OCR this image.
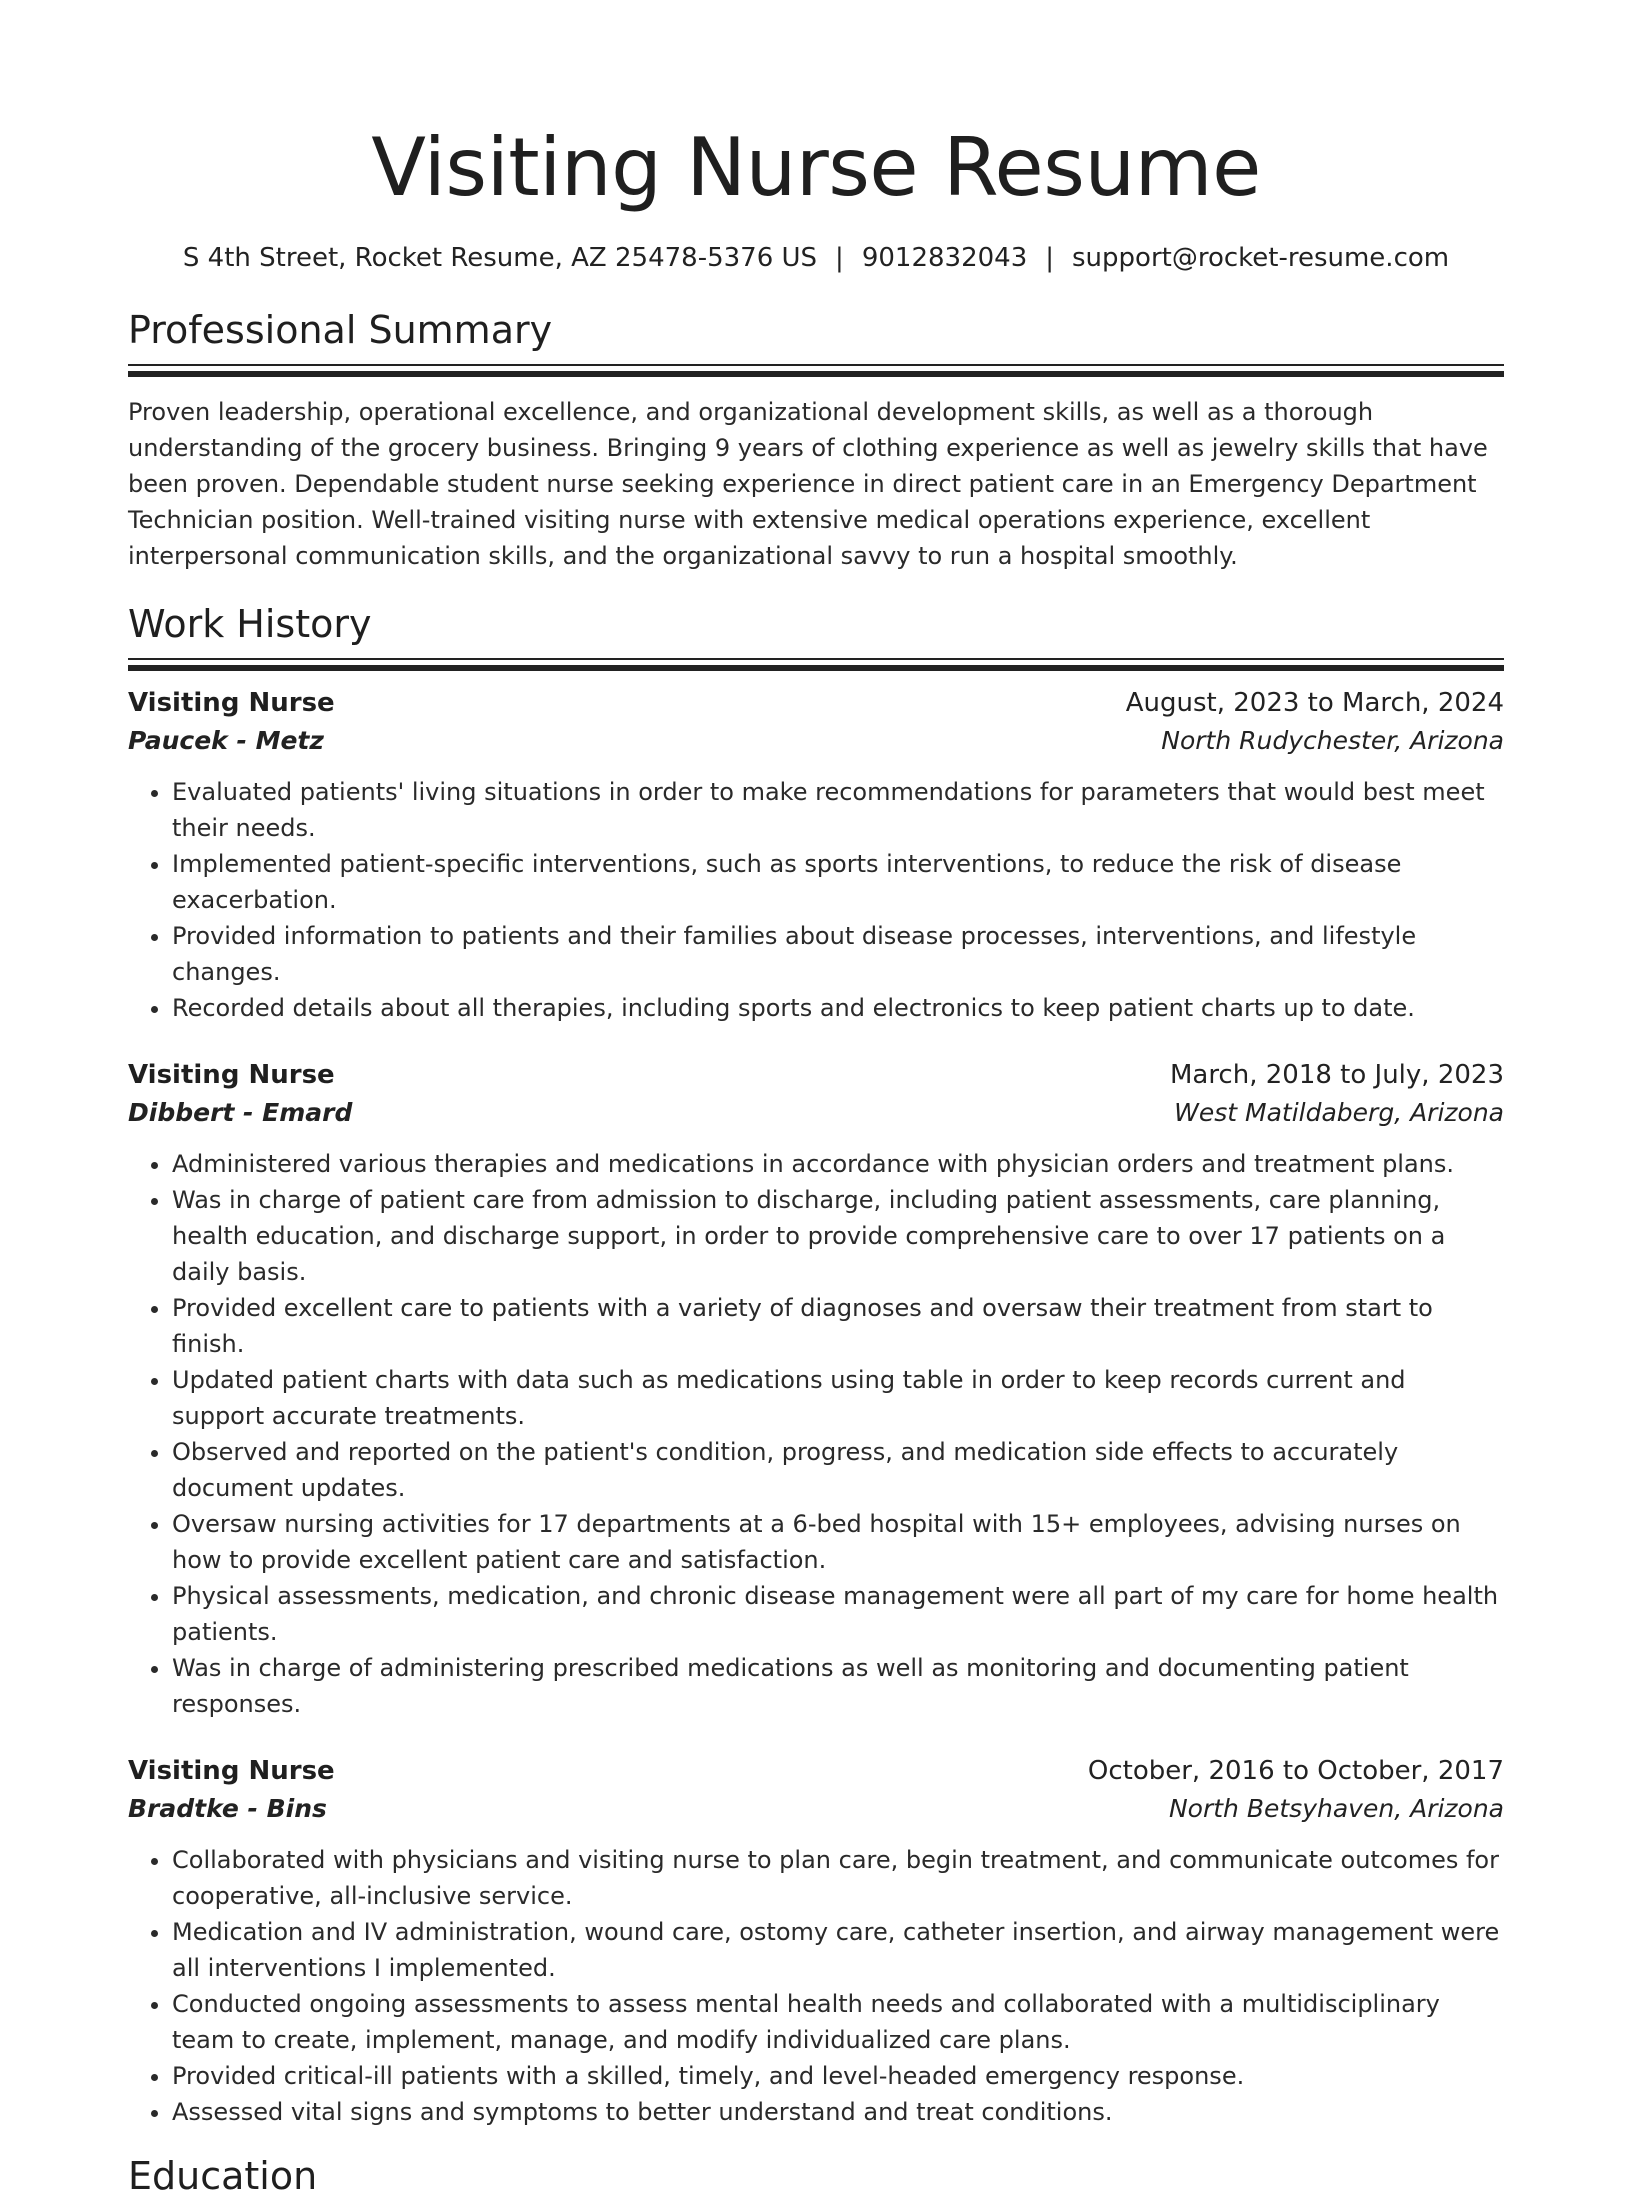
Visiting Nurse Resume
S 4th Street, Rocket Resume, AZ 25478-5376 US | 9012832043 | support@rocket-resume.com
Professional Summary
Proven leadership, operational excellence, and organizational development skills, as well as a thorough understanding of the grocery business. Bringing 9 years of clothing experience as well as jewelry skills that have been proven. Dependable student nurse seeking experience in direct patient care in an Emergency Department Technician position. Well-trained visiting nurse with extensive medical operations experience, excellent interpersonal communication skills, and the organizational savvy to run a hospital smoothly.
Work History
Visiting Nurse	August, 2023 to March, 2024
Paucek - Metz	North Rudychester, Arizona
• Evaluated patients' living situations in order to make recommendations for parameters that would best meet their needs.
• Implemented patient-specific interventions, such as sports interventions, to reduce the risk of disease exacerbation.
• Provided information to patients and their families about disease processes, interventions, and lifestyle changes.
• Recorded details about all therapies, including sports and electronics to keep patient charts up to date.
Visiting Nurse	March, 2018 to July, 2023
Dibbert - Emard	West Matildaberg, Arizona
• Administered various therapies and medications in accordance with physician orders and treatment plans.
• Was in charge of patient care from admission to discharge, including patient assessments, care planning, health education, and discharge support, in order to provide comprehensive care to over 17 patients on a daily basis.
• Provided excellent care to patients with a variety of diagnoses and oversaw their treatment from start to finish.
• Updated patient charts with data such as medications using table in order to keep records current and support accurate treatments.
• Observed and reported on the patient's condition, progress, and medication side effects to accurately document updates.
• Oversaw nursing activities for 17 departments at a 6-bed hospital with 15+ employees, advising nurses on how to provide excellent patient care and satisfaction.
• Physical assessments, medication, and chronic disease management were all part of my care for home health patients.
• Was in charge of administering prescribed medications as well as monitoring and documenting patient responses.
Visiting Nurse	October, 2016 to October, 2017
Bradtke - Bins	North Betsyhaven, Arizona
• Collaborated with physicians and visiting nurse to plan care, begin treatment, and communicate outcomes for cooperative, all-inclusive service.
• Medication and IV administration, wound care, ostomy care, catheter insertion, and airway management were all interventions I implemented.
• Conducted ongoing assessments to assess mental health needs and collaborated with a multidisciplinary team to create, implement, manage, and modify individualized care plans.
• Provided critical-ill patients with a skilled, timely, and level-headed emergency response.
• Assessed vital signs and symptoms to better understand and treat conditions.
Education
